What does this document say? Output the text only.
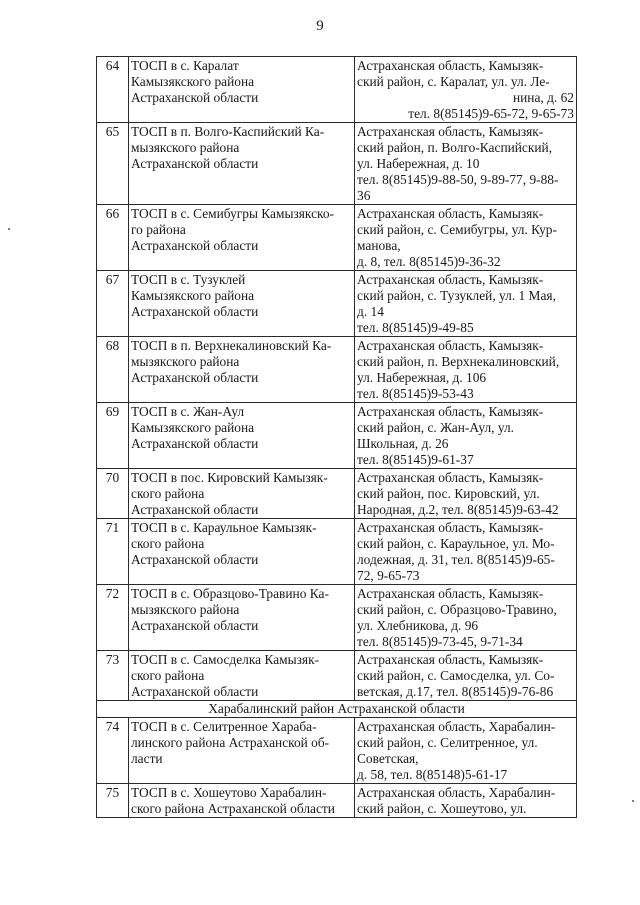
9
64	ТОСП в с. Каралат
Камызякского района
Астраханской области	Астраханская область, Камызяк-
ский район, с. Каралат, ул. ул. Ле-
нина, д. 62
тел. 8(85145)9-65-72, 9-65-73

65	ТОСП в п. Волго-Каспийский Ка-
мызякского района
Астраханской области	Астраханская область, Камызяк-
ский район, п. Волго-Каспийский,
ул. Набережная, д. 10
тел. 8(85145)9-88-50, 9-89-77, 9-88-
36

66	ТОСП в с. Семибугры Камызякско-
го района
Астраханской области	Астраханская область, Камызяк-
ский район, с. Семибугры, ул. Кур-
манова,
д. 8, тел. 8(85145)9-36-32

67	ТОСП в с. Тузуклей
Камызякского района
Астраханской области	Астраханская область, Камызяк-
ский район, с. Тузуклей, ул. 1 Мая,
д. 14
тел. 8(85145)9-49-85

68	ТОСП в п. Верхнекалиновский Ка-
мызякского района
Астраханской области	Астраханская область, Камызяк-
ский район, п. Верхнекалиновский,
ул. Набережная, д. 106
тел. 8(85145)9-53-43

69	ТОСП в с. Жан-Аул
Камызякского района
Астраханской области	Астраханская область, Камызяк-
ский район, с. Жан-Аул, ул.
Школьная, д. 26
тел. 8(85145)9-61-37

70	ТОСП в пос. Кировский Камызяк-
ского района
Астраханской области	Астраханская область, Камызяк-
ский район, пос. Кировский, ул.
Народная, д.2, тел. 8(85145)9-63-42

71	ТОСП в с. Караульное Камызяк-
ского района
Астраханской области	Астраханская область, Камызяк-
ский район, с. Караульное, ул. Мо-
лодежная, д. 31, тел. 8(85145)9-65-
72, 9-65-73

72	ТОСП в с. Образцово-Травино Ка-
мызякского района
Астраханской области	Астраханская область, Камызяк-
ский район, с. Образцово-Травино,
ул. Хлебникова, д. 96
тел. 8(85145)9-73-45, 9-71-34

73	ТОСП в с. Самосделка Камызяк-
ского района
Астраханской области	Астраханская область, Камызяк-
ский район, с. Самосделка, ул. Со-
ветская, д.17, тел. 8(85145)9-76-86

Харабалинский район Астраханской области		
74	ТОСП в с. Селитренное Хараба-
линского района Астраханской об-
ласти	Астраханская область, Харабалин-
ский район, с. Селитренное, ул.
Советская,
д. 58, тел. 8(85148)5-61-17

75	ТОСП в с. Хошеутово Харабалин-
ского района Астраханской области	Астраханская область, Харабалин-
ский район, с. Хошеутово, ул.
